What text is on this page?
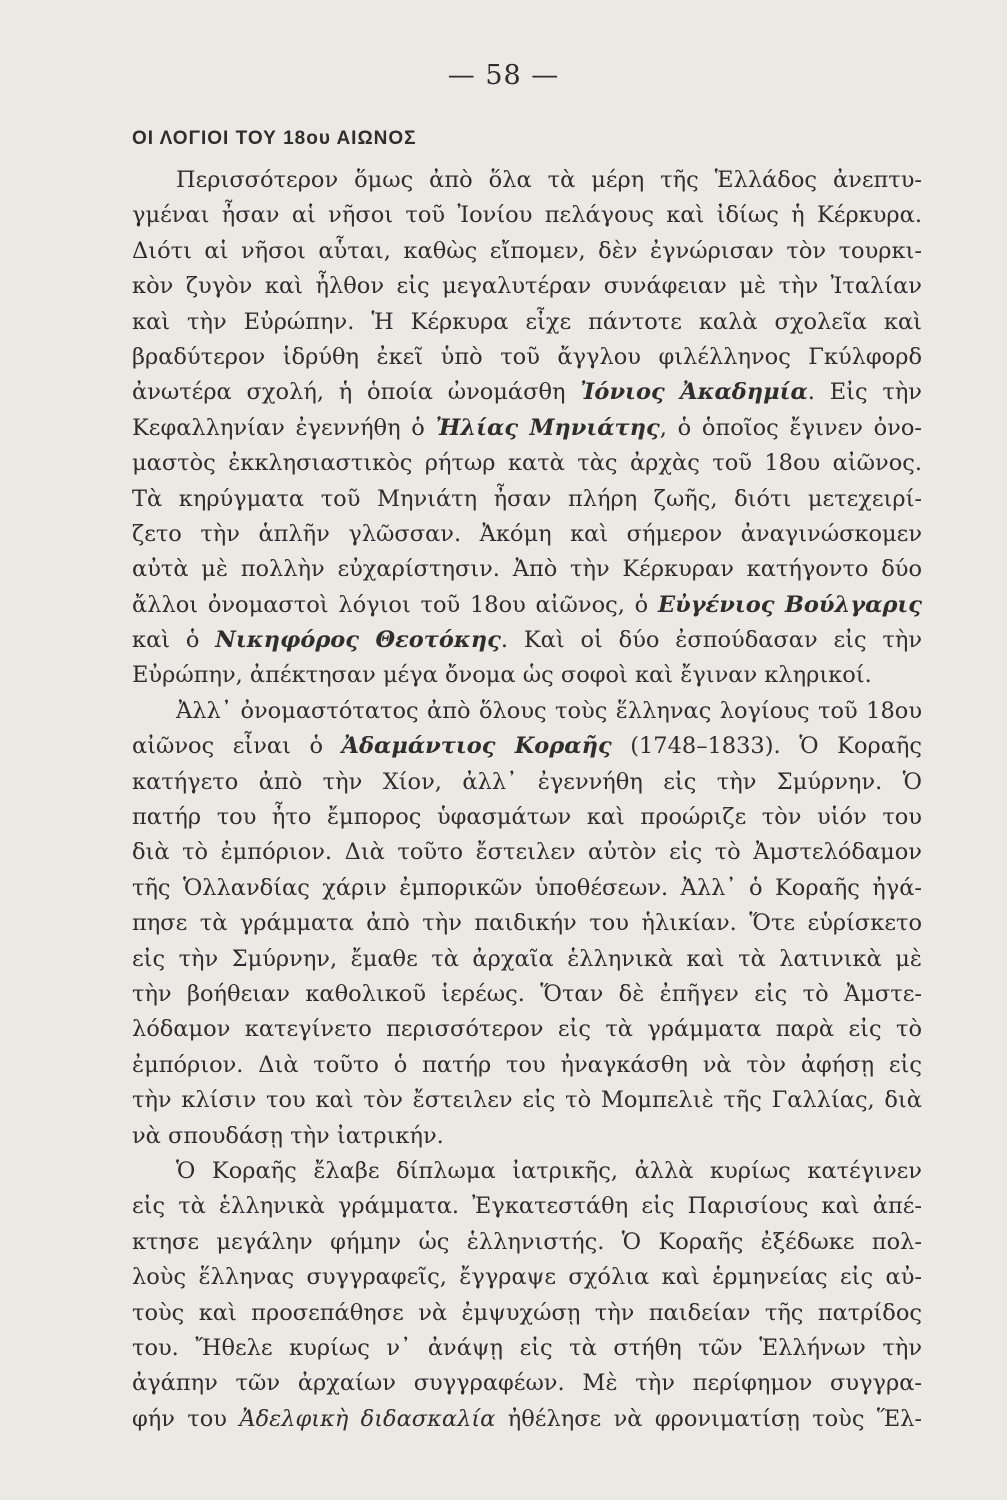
— 58 —
ΟΙ ΛΟΓΙΟΙ ΤΟΥ 18ου ΑΙΩΝΟΣ
Περισσότερον ὅμως ἀπὸ ὅλα τὰ μέρη τῆς Ἑλλάδος ἀνεπτυ-
γμέναι ἦσαν αἱ νῆσοι τοῦ Ἰονίου πελάγους καὶ ἰδίως ἡ Κέρκυρα.
Διότι αἱ νῆσοι αὗται, καθὼς εἴπομεν, δὲν ἐγνώρισαν τὸν τουρκι-
κὸν ζυγὸν καὶ ἦλθον εἰς μεγαλυτέραν συνάφειαν μὲ τὴν Ἰταλίαν
καὶ τὴν Εὐρώπην. Ἡ Κέρκυρα εἶχε πάντοτε καλὰ σχολεῖα καὶ
βραδύτερον ἱδρύθη ἐκεῖ ὑπὸ τοῦ ἄγγλου φιλέλληνος Γκύλφορδ
ἀνωτέρα σχολή, ἡ ὁποία ὠνομάσθη Ἰόνιος Ἀκαδημία. Εἰς τὴν
Κεφαλληνίαν ἐγεννήθη ὁ Ἠλίας Μηνιάτης, ὁ ὁποῖος ἔγινεν ὀνο-
μαστὸς ἐκκλησιαστικὸς ρήτωρ κατὰ τὰς ἀρχὰς τοῦ 18ου αἰῶνος.
Τὰ κηρύγματα τοῦ Μηνιάτη ἦσαν πλήρη ζωῆς, διότι μετεχειρί-
ζετο τὴν ἁπλῆν γλῶσσαν. Ἀκόμη καὶ σήμερον ἀναγινώσκομεν
αὐτὰ μὲ πολλὴν εὐχαρίστησιν. Ἀπὸ τὴν Κέρκυραν κατήγοντο δύο
ἄλλοι ὀνομαστοὶ λόγιοι τοῦ 18ου αἰῶνος, ὁ Εὐγένιος Βούλγαρις
καὶ ὁ Νικηφόρος Θεοτόκης. Καὶ οἱ δύο ἐσπούδασαν εἰς τὴν
Εὐρώπην, ἀπέκτησαν μέγα ὄνομα ὡς σοφοὶ καὶ ἔγιναν κληρικοί.
Ἀλλ᾿ ὀνομαστότατος ἀπὸ ὅλους τοὺς ἕλληνας λογίους τοῦ 18ου
αἰῶνος εἶναι ὁ Ἀδαμάντιος Κοραῆς (1748–1833). Ὁ Κοραῆς
κατήγετο ἀπὸ τὴν Χίον, ἀλλ᾿ ἐγεννήθη εἰς τὴν Σμύρνην. Ὁ
πατήρ του ἦτο ἔμπορος ὑφασμάτων καὶ προώριζε τὸν υἱόν του
διὰ τὸ ἐμπόριον. Διὰ τοῦτο ἔστειλεν αὐτὸν εἰς τὸ Ἀμστελόδαμον
τῆς Ὁλλανδίας χάριν ἐμπορικῶν ὑποθέσεων. Ἀλλ᾿ ὁ Κοραῆς ἠγά-
πησε τὰ γράμματα ἀπὸ τὴν παιδικήν του ἡλικίαν. Ὅτε εὑρίσκετο
εἰς τὴν Σμύρνην, ἔμαθε τὰ ἀρχαῖα ἑλληνικὰ καὶ τὰ λατινικὰ μὲ
τὴν βοήθειαν καθολικοῦ ἱερέως. Ὅταν δὲ ἐπῆγεν εἰς τὸ Ἀμστε-
λόδαμον κατεγίνετο περισσότερον εἰς τὰ γράμματα παρὰ εἰς τὸ
ἐμπόριον. Διὰ τοῦτο ὁ πατήρ του ἠναγκάσθη νὰ τὸν ἀφήσῃ εἰς
τὴν κλίσιν του καὶ τὸν ἔστειλεν εἰς τὸ Μομπελιὲ τῆς Γαλλίας, διὰ
νὰ σπουδάσῃ τὴν ἰατρικήν.
Ὁ Κοραῆς ἔλαβε δίπλωμα ἰατρικῆς, ἀλλὰ κυρίως κατέγινεν
εἰς τὰ ἑλληνικὰ γράμματα. Ἐγκατεστάθη εἰς Παρισίους καὶ ἀπέ-
κτησε μεγάλην φήμην ὡς ἑλληνιστής. Ὁ Κοραῆς ἐξέδωκε πολ-
λοὺς ἕλληνας συγγραφεῖς, ἔγγραψε σχόλια καὶ ἑρμηνείας εἰς αὐ-
τοὺς καὶ προσεπάθησε νὰ ἐμψυχώσῃ τὴν παιδείαν τῆς πατρίδος
του. Ἤθελε κυρίως ν᾿ ἀνάψῃ εἰς τὰ στήθη τῶν Ἑλλήνων τὴν
ἀγάπην τῶν ἀρχαίων συγγραφέων. Μὲ τὴν περίφημον συγγρα-
φήν του Ἀδελφικὴ διδασκαλία ἠθέλησε νὰ φρονιματίσῃ τοὺς Ἕλ-
